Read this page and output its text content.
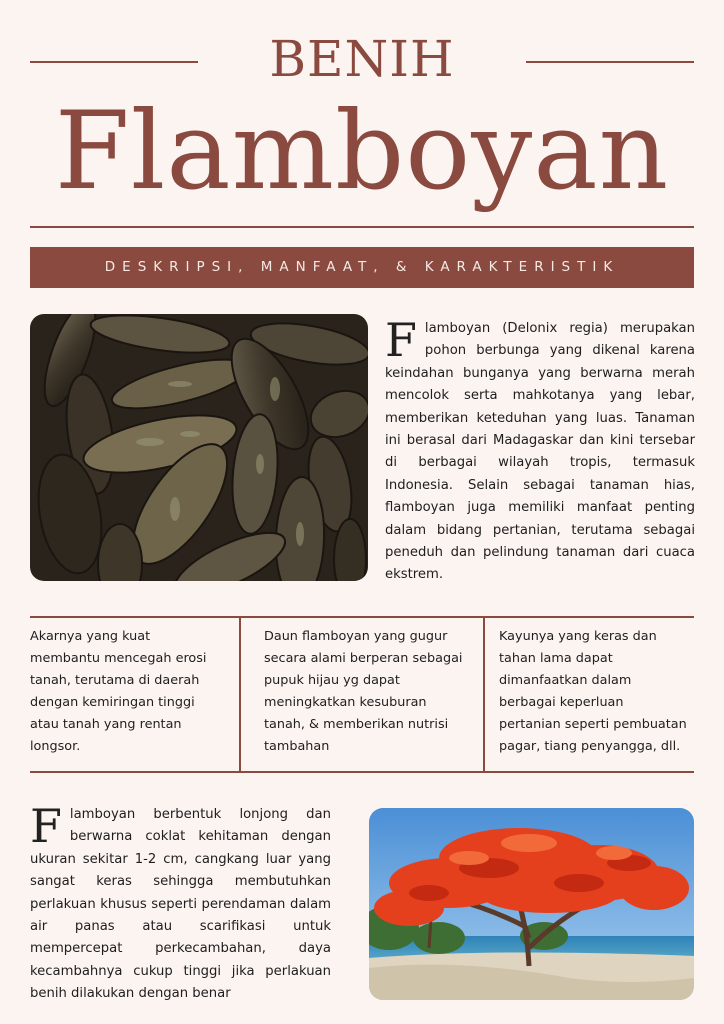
BENIH
Flamboyan
DESKRIPSI, MANFAAT, & KARAKTERISTIK
Flamboyan (Delonix regia) merupakan pohon berbunga yang dikenal karena keindahan bunganya yang berwarna merah mencolok serta mahkotanya yang lebar, memberikan keteduhan yang luas. Tanaman ini berasal dari Madagaskar dan kini tersebar di berbagai wilayah tropis, termasuk Indonesia. Selain sebagai tanaman hias, flamboyan juga memiliki manfaat penting dalam bidang pertanian, terutama sebagai peneduh dan pelindung tanaman dari cuaca ekstrem.
Akarnya yang kuat membantu mencegah erosi tanah, terutama di daerah dengan kemiringan tinggi atau tanah yang rentan longsor.
Daun flamboyan yang gugur secara alami berperan sebagai pupuk hijau yg dapat meningkatkan kesuburan tanah, & memberikan nutrisi tambahan
Kayunya yang keras dan tahan lama dapat dimanfaatkan dalam berbagai keperluan pertanian seperti pembuatan pagar, tiang penyangga, dll.
Flamboyan berbentuk lonjong dan berwarna coklat kehitaman dengan ukuran sekitar 1-2 cm, cangkang luar yang sangat keras sehingga membutuhkan perlakuan khusus seperti perendaman dalam air panas atau scarifikasi untuk mempercepat perkecambahan, daya kecambahnya cukup tinggi jika perlakuan benih dilakukan dengan benar
